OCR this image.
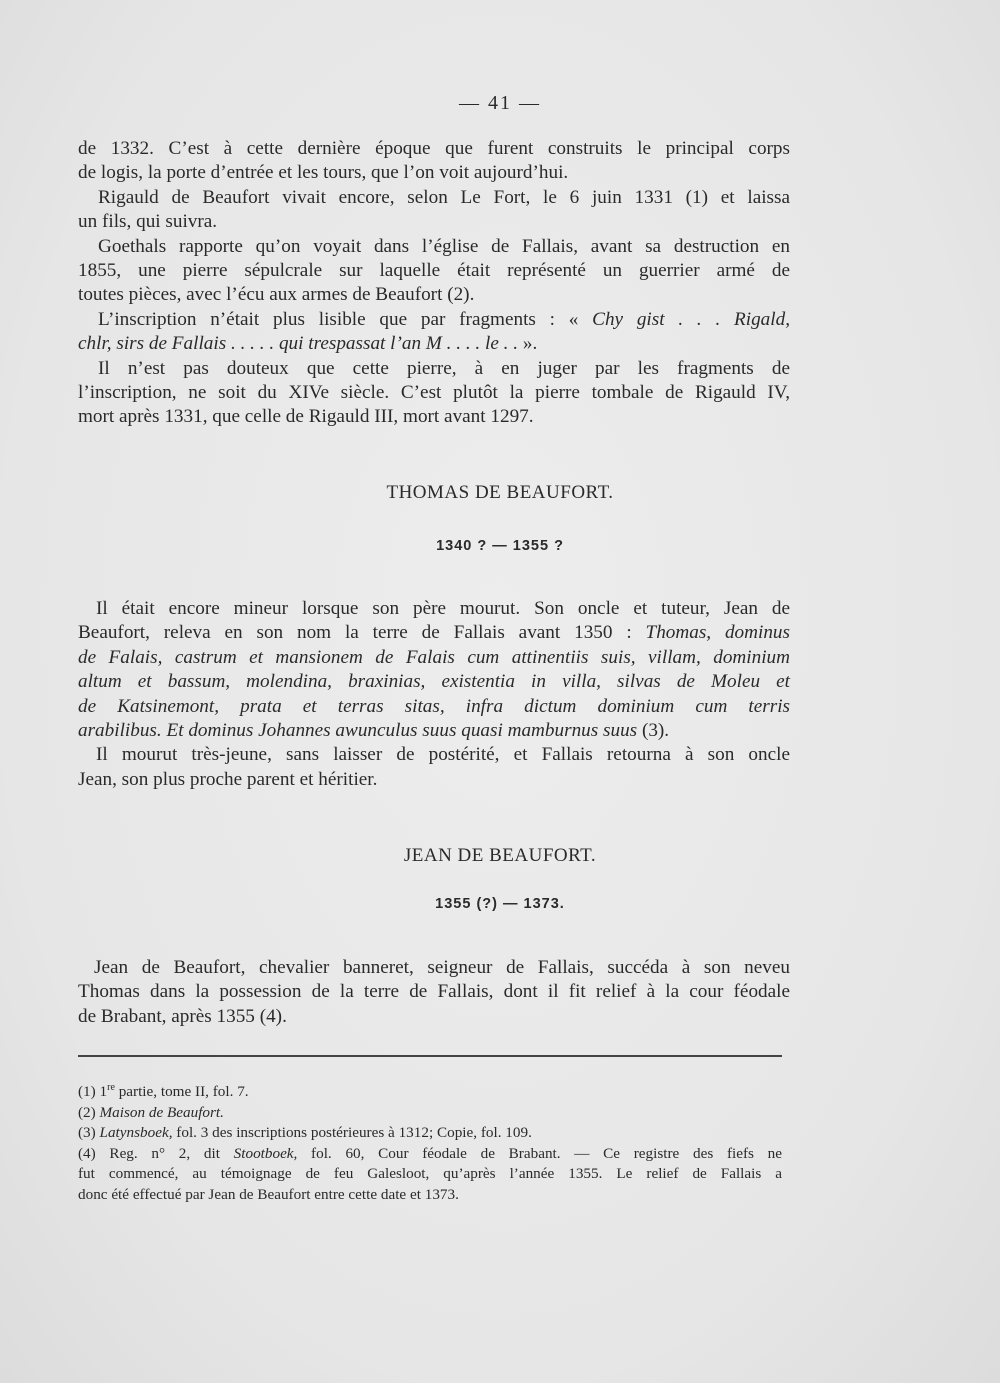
— 41 —

de 1332. C’est à cette dernière époque que furent construits le principal corps
de logis, la porte d’entrée et les tours, que l’on voit aujourd’hui.

Rigauld de Beaufort vivait encore, selon Le Fort, le 6 juin 1331 (1) et laissa
un fils, qui suivra.

Goethals rapporte qu’on voyait dans l’église de Fallais, avant sa destruction en
1855, une pierre sépulcrale sur laquelle était représenté un guerrier armé de
toutes pièces, avec l’écu aux armes de Beaufort (2).

L’inscription n’était plus lisible que par fragments : « Chy gist . . . Rigald,
chlr, sirs de Fallais . . . . . qui trespassat l’an M . . . . le . . ».

Il n’est pas douteux que cette pierre, à en juger par les fragments de
l’inscription, ne soit du XIVe siècle. C’est plutôt la pierre tombale de Rigauld IV,
mort après 1331, que celle de Rigauld III, mort avant 1297.

THOMAS DE BEAUFORT.
1340 ? — 1355 ?

Il était encore mineur lorsque son père mourut. Son oncle et tuteur, Jean de
Beaufort, releva en son nom la terre de Fallais avant 1350 : Thomas, dominus
de Falais, castrum et mansionem de Falais cum attinentiis suis, villam, dominium
altum et bassum, molendina, braxinias, existentia in villa, silvas de Moleu et
de Katsinemont, prata et terras sitas, infra dictum dominium cum terris
arabilibus. Et dominus Johannes awunculus suus quasi mamburnus suus (3).

Il mourut très-jeune, sans laisser de postérité, et Fallais retourna à son oncle
Jean, son plus proche parent et héritier.

JEAN DE BEAUFORT.
1355 (?) — 1373.

Jean de Beaufort, chevalier banneret, seigneur de Fallais, succéda à son neveu
Thomas dans la possession de la terre de Fallais, dont il fit relief à la cour féodale
de Brabant, après 1355 (4).

(1) 1re partie, tome II, fol. 7.

(2) Maison de Beaufort.

(3) Latynsboek, fol. 3 des inscriptions postérieures à 1312; Copie, fol. 109.

(4) Reg. n° 2, dit Stootboek, fol. 60, Cour féodale de Brabant. — Ce registre des fiefs ne
fut commencé, au témoignage de feu Galesloot, qu’après l’année 1355. Le relief de Fallais a
donc été effectué par Jean de Beaufort entre cette date et 1373.
